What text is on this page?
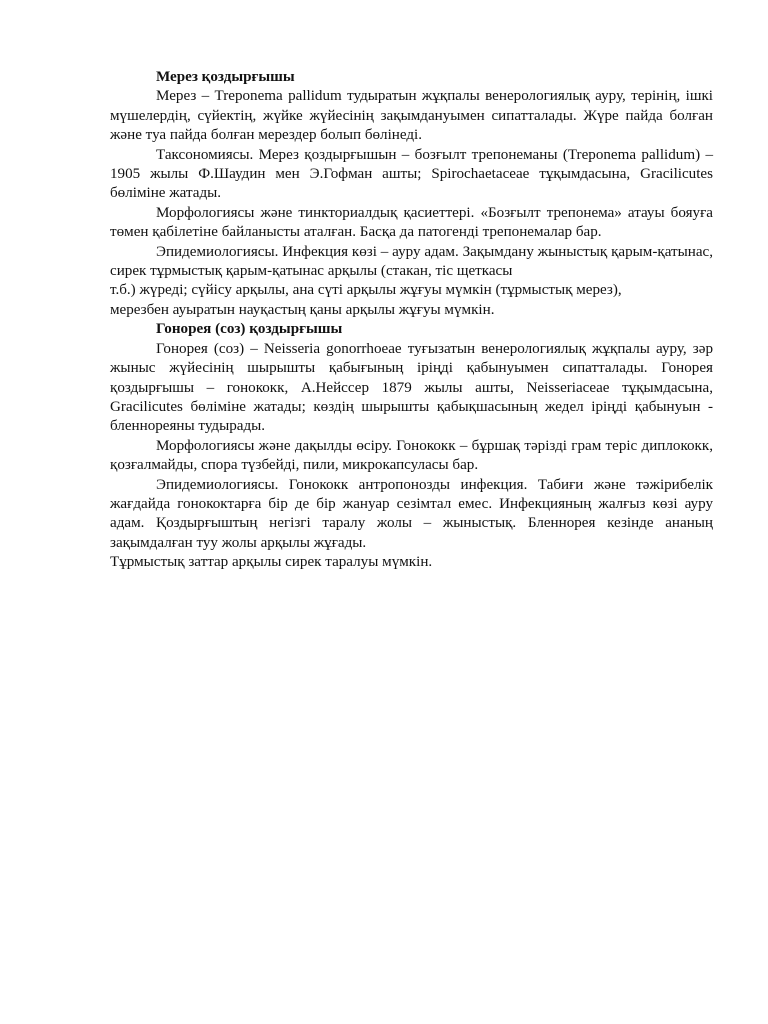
Мерез қоздырғышы

Мерез – Treponema pallidum тудыратын жұқпалы венерологиялық ауру, терінің, ішкі мүшелердің, сүйектің, жүйке жүйесінің зақымдануымен сипатталады. Жүре пайда болған және туа пайда болған мерездер болып бөлінеді.

Таксономиясы. Мерез қоздырғышын – бозғылт трепонеманы (Treponema pallidum) – 1905 жылы Ф.Шаудин мен Э.Гофман ашты; Spirochaetaceae тұқымдасына, Gracilicutes бөліміне жатады.

Морфологиясы және тинкториалдық қасиеттері. «Бозғылт трепонема» атауы бояуға төмен қабілетіне байланысты аталған. Басқа да патогенді трепонемалар бар.

Эпидемиологиясы. Инфекция көзі – ауру адам. Зақымдану жыныстық қарым-қатынас, сирек тұрмыстық қарым-қатынас арқылы (стакан, тіс щеткасы

т.б.) жүреді; сүйісу арқылы, ана сүті арқылы жұғуы мүмкін (тұрмыстық мерез),

мерезбен ауыратын науқастың қаны арқылы жұғуы мүмкін.

Гонорея (соз) қоздырғышы

Гонорея (соз) – Neisseria gonorrhoeae туғызатын венерологиялық жұқпалы ауру, зәр жыныс жүйесінің шырышты қабығының іріңді қабынуымен сипатталады. Гонорея қоздырғышы – гонококк, А.Нейссер 1879 жылы ашты, Neisseriaceae тұқымдасына, Gracilicutes бөліміне жатады; көздің шырышты қабықшасының жедел іріңді қабынуын - бленнореяны тудырады.

Морфологиясы және дақылды өсіру. Гонококк – бұршақ тәрізді грам теріс диплококк, қозғалмайды, спора түзбейді, пили, микрокапсуласы бар.

Эпидемиологиясы. Гонококк антропонозды инфекция. Табиғи және тәжірибелік жағдайда гонококтарға бір де бір жануар сезімтал емес. Инфекцияның жалғыз көзі ауру адам. Қоздырғыштың негізгі таралу жолы – жыныстық. Бленнорея кезінде ананың зақымдалған туу жолы арқылы жұғады.

Тұрмыстық заттар арқылы сирек таралуы мүмкін.
